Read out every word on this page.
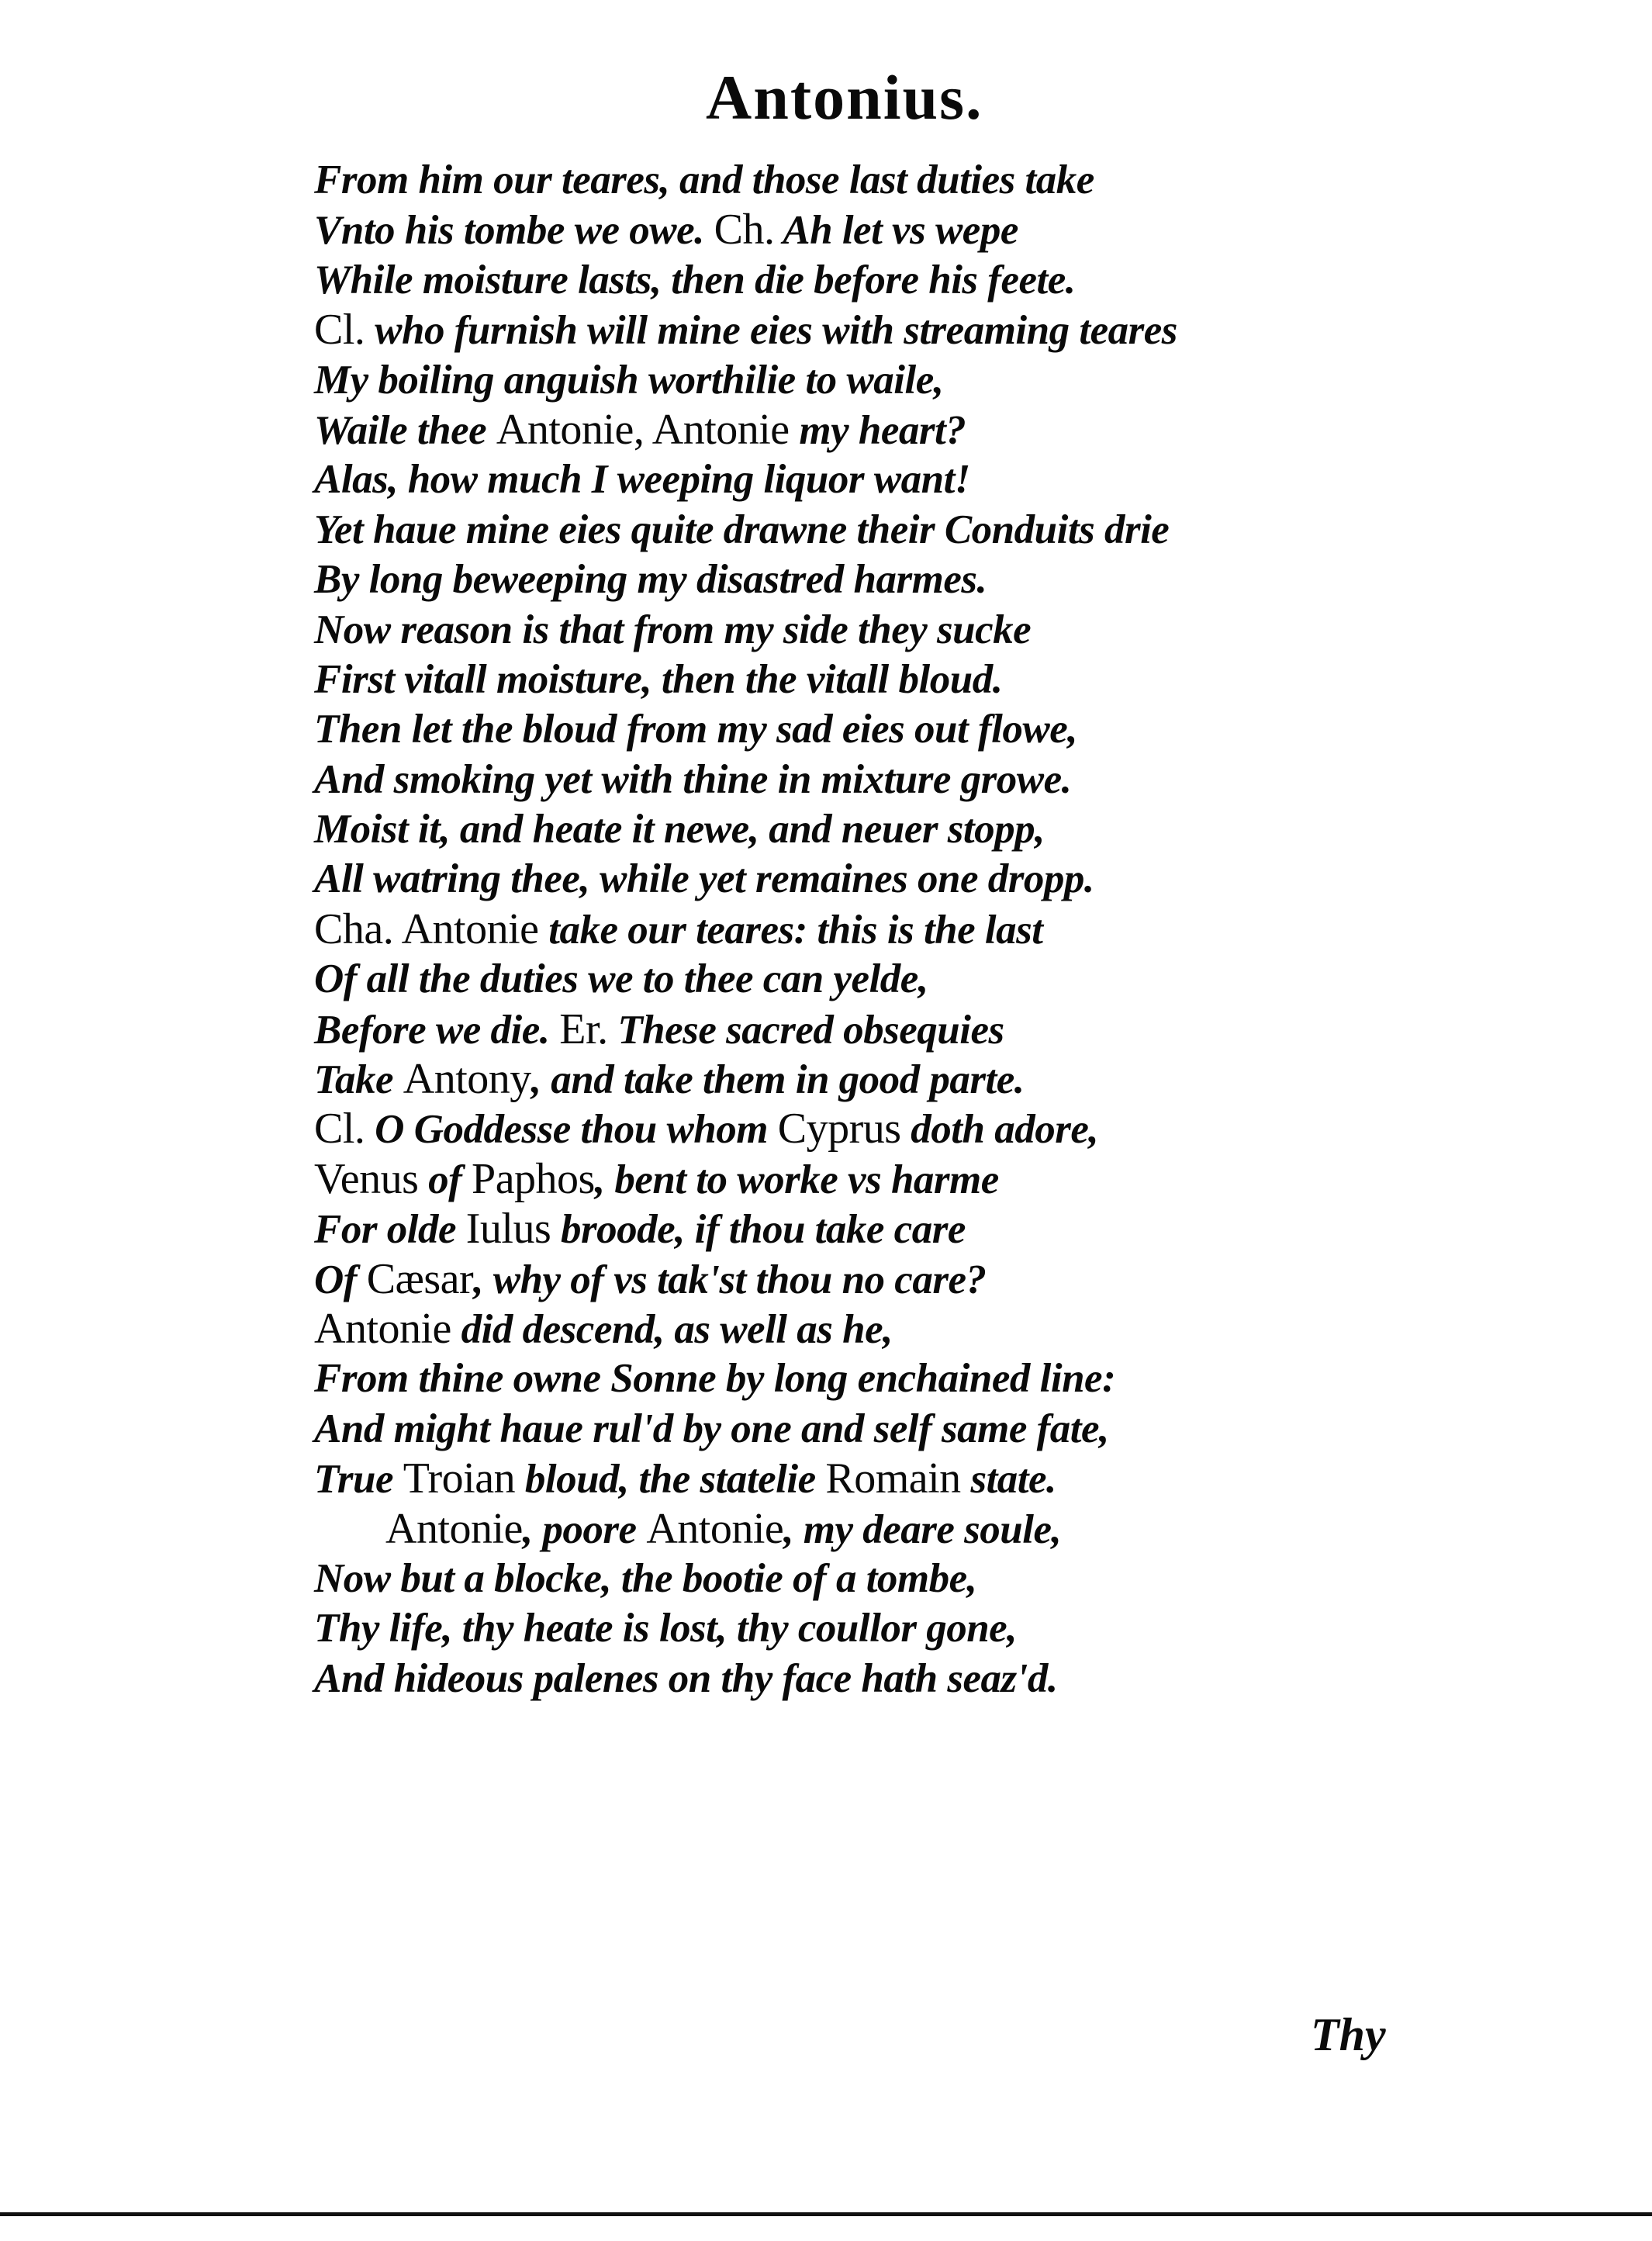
Antonius.
From him our teares, and those last duties take
Vnto his tombe we owe. Ch. Ah let vs wepe
While moisture lasts, then die before his feete.
Cl. who furnish will mine eies with streaming teares
My boiling anguish worthilie to waile,
Waile thee Antonie, Antonie my heart?
Alas, how much I weeping liquor want!
Yet haue mine eies quite drawne their Conduits drie
By long beweeping my disastred harmes.
Now reason is that from my side they sucke
First vitall moisture, then the vitall bloud.
Then let the bloud from my sad eies out flowe,
And smoking yet with thine in mixture growe.
Moist it, and heate it newe, and neuer stopp,
All watring thee, while yet remaines one dropp.
Cha. Antonie take our teares: this is the last
Of all the duties we to thee can yelde,
Before we die. Er. These sacred obsequies
Take Antony, and take them in good parte.
Cl. O Goddesse thou whom Cyprus doth adore,
Venus of Paphos, bent to worke vs harme
For olde Iulus broode, if thou take care
Of Cæsar, why of vs tak'st thou no care?
Antonie did descend, as well as he,
From thine owne Sonne by long enchained line:
And might haue rul'd by one and self same fate,
True Troian bloud, the statelie Romain state.
Antonie, poore Antonie, my deare soule,
Now but a blocke, the bootie of a tombe,
Thy life, thy heate is lost, thy coullor gone,
And hideous palenes on thy face hath seaz'd.
Thy
